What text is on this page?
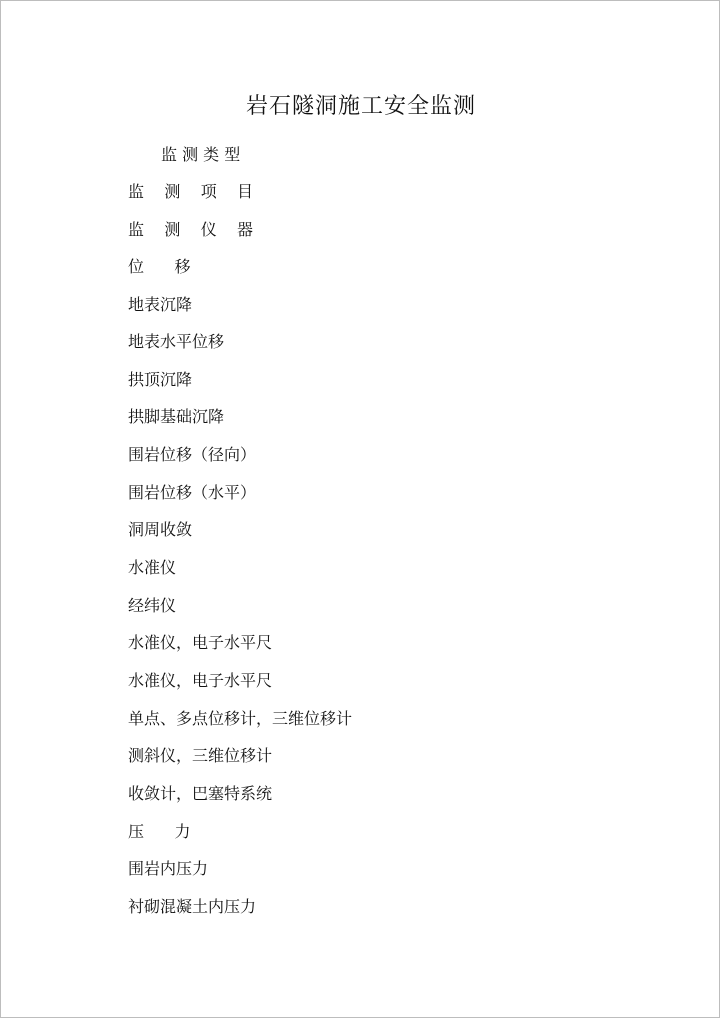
岩石隧洞施工安全监测
监 测 类 型
监    测    项    目
监    测    仪    器
位      移
地表沉降
地表水平位移
拱顶沉降
拱脚基础沉降
围岩位移（径向）
围岩位移（水平）
洞周收敛
水准仪
经纬仪
水准仪，电子水平尺
水准仪，电子水平尺
单点、多点位移计，三维位移计
测斜仪，三维位移计
收敛计，巴塞特系统
压      力
围岩内压力
衬砌混凝土内压力
